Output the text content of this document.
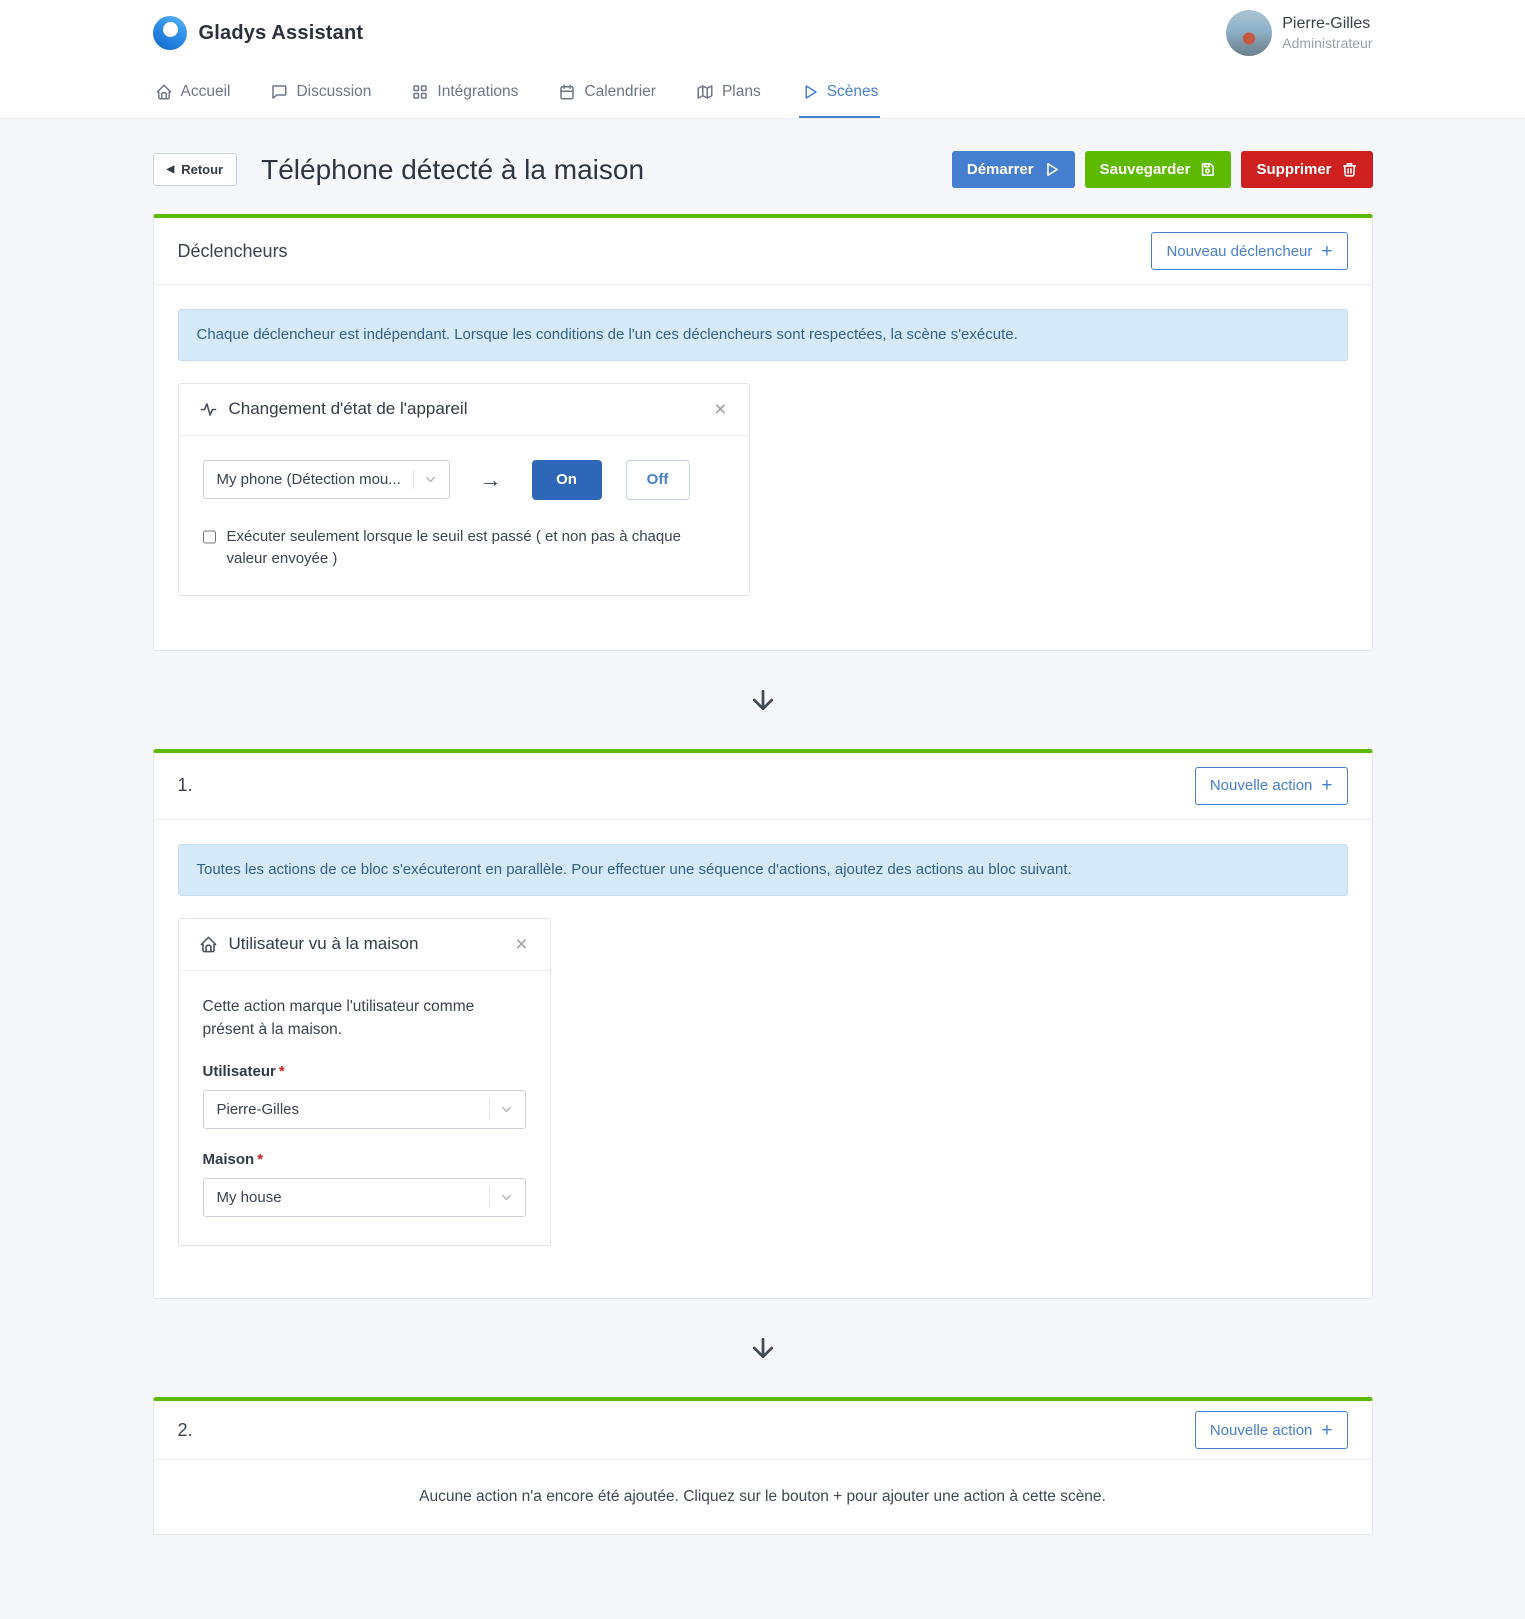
Gladys Assistant	Pierre-Gilles
Administrateur
Accueil	Discussion	Intégrations	Calendrier	Plans	Scènes
◀ Retour Téléphone détecté à la maison	Démarrer	Sauvegarder	Supprimer
Déclencheurs	Nouveau déclencheur +
Chaque déclencheur est indépendant. Lorsque les conditions de l'un ces déclencheurs sont respectées, la scène s'exécute.
Changement d'état de l'appareil	×
My phone (Détection mou...	→	On	Off
Exécuter seulement lorsque le seuil est passé ( et non pas à chaque valeur envoyée )
1.	Nouvelle action +
Toutes les actions de ce bloc s'exécuteront en parallèle. Pour effectuer une séquence d'actions, ajoutez des actions au bloc suivant.
Utilisateur vu à la maison	×

Cette action marque l'utilisateur comme présent à la maison.

Utilisateur *
Pierre-Gilles
Maison *
My house
2.	Nouvelle action +
Aucune action n'a encore été ajoutée. Cliquez sur le bouton + pour ajouter une action à cette scène.
